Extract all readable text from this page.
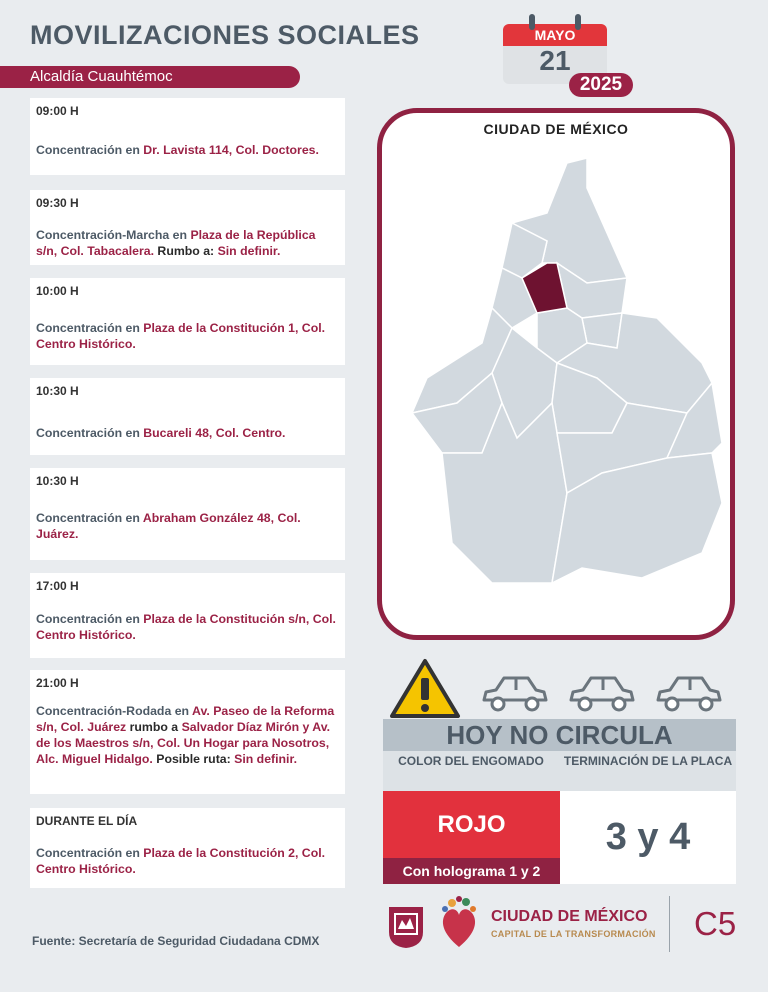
MOVILIZACIONES SOCIALES
Alcaldía Cuauhtémoc
MAYO
21
2025
09:00 H
Concentración en Dr. Lavista 114, Col. Doctores.
09:30 H
Concentración-Marcha en Plaza de la República s/n, Col. Tabacalera. Rumbo a: Sin definir.
10:00 H
Concentración en Plaza de la Constitución 1, Col. Centro Histórico.
10:30 H
Concentración en Bucareli 48, Col. Centro.
10:30 H
Concentración en Abraham González 48, Col. Juárez.
17:00 H
Concentración en Plaza de la Constitución s/n, Col. Centro Histórico.
21:00 H
Concentración-Rodada en Av. Paseo de la Reforma s/n, Col. Juárez rumbo a Salvador Díaz Mirón y Av. de los Maestros s/n, Col. Un Hogar para Nosotros, Alc. Miguel Hidalgo. Posible ruta: Sin definir.
DURANTE EL DÍA
Concentración en Plaza de la Constitución 2, Col. Centro Histórico.
Fuente: Secretaría de Seguridad Ciudadana CDMX
CIUDAD DE MÉXICO
HOY NO CIRCULA
COLOR DEL ENGOMADO	TERMINACIÓN DE LA PLACA
ROJO
Con holograma 1 y 2
3 y 4
CIUDAD DE MÉXICO
CAPITAL DE LA TRANSFORMACIÓN C5
